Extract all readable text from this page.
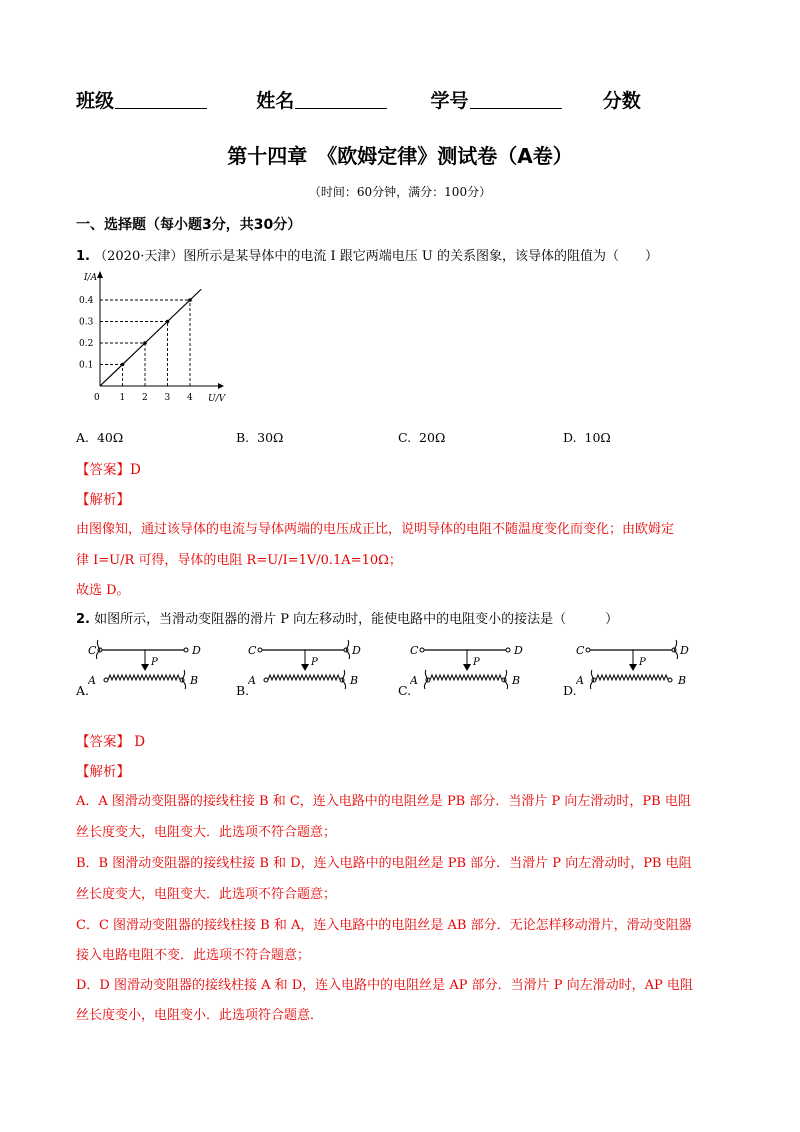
班级	姓名	学号	分数
第十四章　《欧姆定律》测试卷（A卷）
（时间：60分钟，满分：100分）
一、选择题（每小题3分，共30分）
1. （2020·天津）图所示是某导体中的电流 I 跟它两端电压 U 的关系图象，该导体的阻值为（　　）
I/A
U/V
0 1
0.1
2
0.2
3
0.3
4
0.4
A. 40Ω	B. 30Ω	C. 20Ω	D. 10Ω
【答案】D
【解析】
由图像知，通过该导体的电流与导体两端的电压成正比，说明导体的电阻不随温度变化而变化；由欧姆定
律 I=U/R 可得，导体的电阻 R=U/I=1V/0.1A=10Ω；
故选 D。
2. 如图所示，当滑动变阻器的滑片 P 向左移动时，能使电路中的电阻变小的接法是（　　　）
A.	B.	C.	D.
C	D
P
A	B
C	D
P
A	B
C	D
P
A	B
C	D
P
A	B
【答案】 D
【解析】
A．A 图滑动变阻器的接线柱接 B 和 C，连入电路中的电阻丝是 PB 部分．当滑片 P 向左滑动时，PB 电阻
丝长度变大，电阻变大．此选项不符合题意；
B．B 图滑动变阻器的接线柱接 B 和 D，连入电路中的电阻丝是 PB 部分．当滑片 P 向左滑动时，PB 电阻
丝长度变大，电阻变大．此选项不符合题意；
C．C 图滑动变阻器的接线柱接 B 和 A，连入电路中的电阻丝是 AB 部分．无论怎样移动滑片，滑动变阻器
接入电路电阻不变．此选项不符合题意；
D．D 图滑动变阻器的接线柱接 A 和 D，连入电路中的电阻丝是 AP 部分．当滑片 P 向左滑动时，AP 电阻
丝长度变小，电阻变小．此选项符合题意．
